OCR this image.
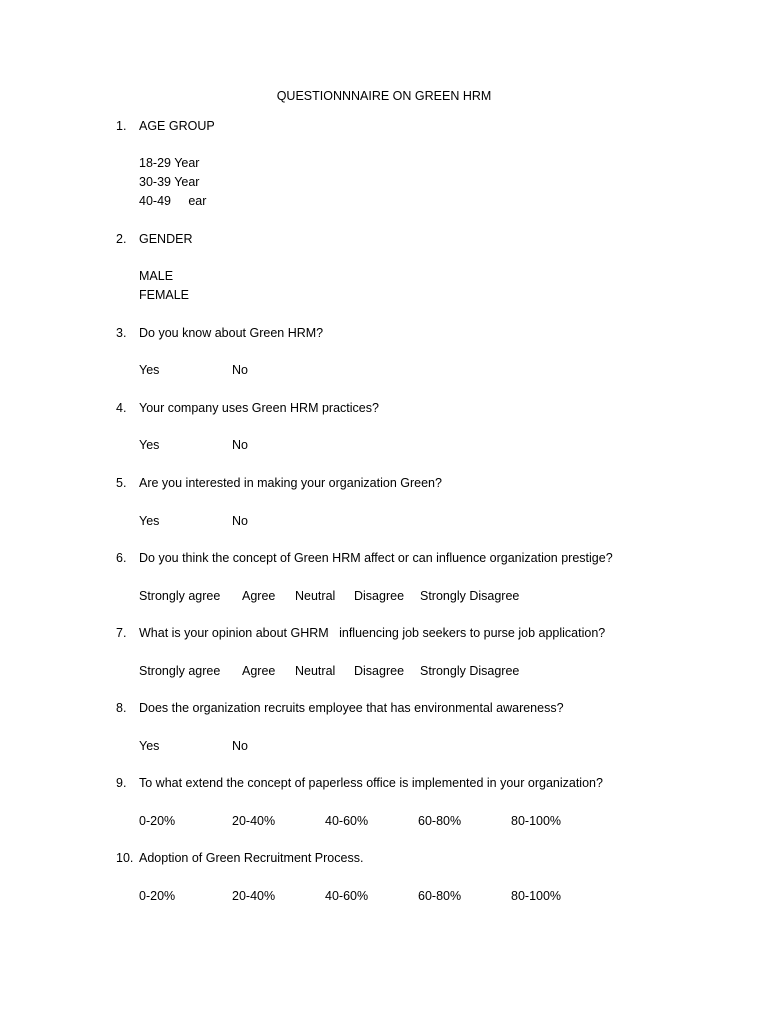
QUESTIONNNAIRE ON GREEN HRM
1. AGE GROUP
18-29 Year
30-39 Year
40-49     ear
2. GENDER
MALE
FEMALE
3. Do you know about Green HRM?
Yes	No
4. Your company uses Green HRM practices?
Yes	No
5. Are you interested in making your organization Green?
Yes	No
6. Do you think the concept of Green HRM affect or can influence organization prestige?
Strongly agree Agree Neutral Disagree Strongly Disagree
7. What is your opinion about GHRM   influencing job seekers to purse job application?
Strongly agree Agree Neutral Disagree Strongly Disagree
8. Does the organization recruits employee that has environmental awareness?
Yes	No
9. To what extend the concept of paperless office is implemented in your organization?
0-20%	20-40%	40-60%	60-80%	80-100%
10. Adoption of Green Recruitment Process.
0-20%	20-40%	40-60%	60-80%	80-100%
